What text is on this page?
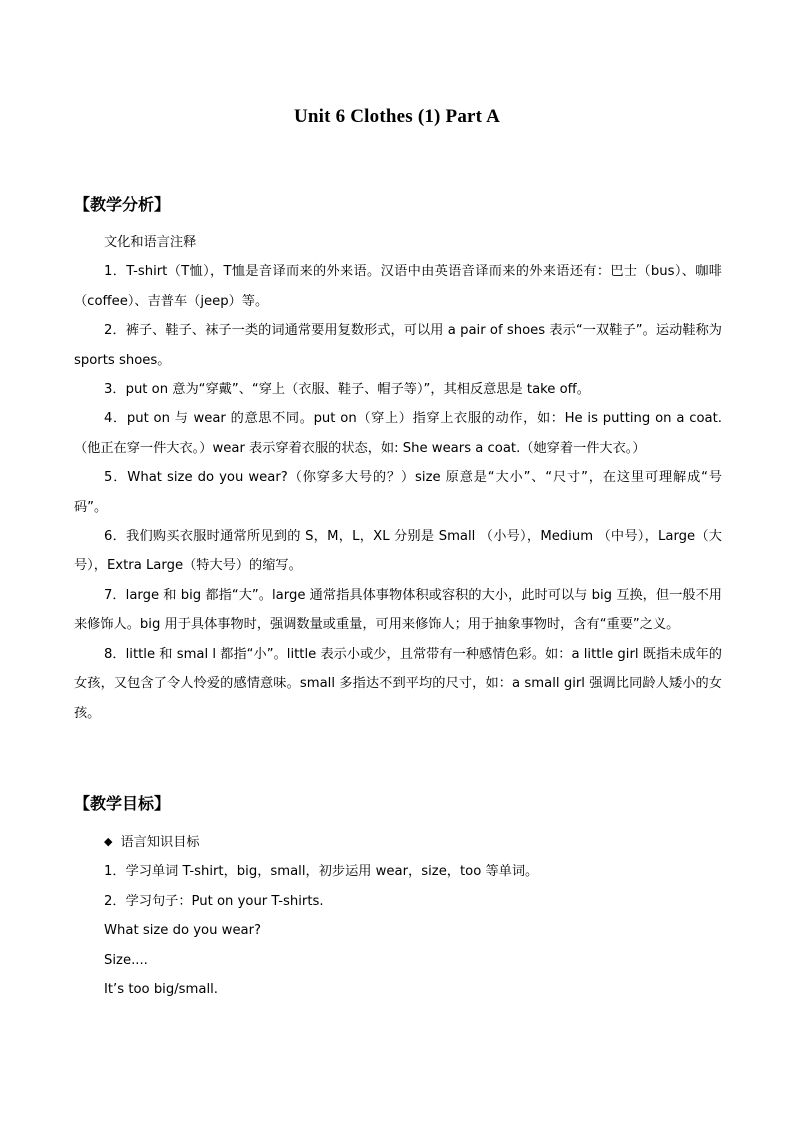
Unit 6 Clothes (1) Part A
【教学分析】

文化和语言注释

1．T-shirt（T恤），T恤是音译而来的外来语。汉语中由英语音译而来的外来语还有：巴士（bus）、咖啡（coffee）、吉普车（jeep）等。

2．裤子、鞋子、袜子一类的词通常要用复数形式，可以用 a pair of shoes 表示“一双鞋子”。运动鞋称为 sports shoes。

3．put on 意为“穿戴”、“穿上（衣服、鞋子、帽子等）”，其相反意思是 take off。

4．put on 与 wear 的意思不同。put on（穿上）指穿上衣服的动作，如：He is putting on a coat.（他正在穿一件大衣。）wear 表示穿着衣服的状态，如: She wears a coat.（她穿着一件大衣。）

5．What size do you wear?（你穿多大号的？）size 原意是“大小”、“尺寸”，在这里可理解成“号码”。

6．我们购买衣服时通常所见到的 S，M，L，XL 分别是 Small （小号），Medium （中号），Large（大号），Extra Large（特大号）的缩写。

7．large 和 big 都指“大”。large 通常指具体事物体积或容积的大小，此时可以与 big 互换，但一般不用来修饰人。big 用于具体事物时，强调数量或重量，可用来修饰人；用于抽象事物时，含有“重要”之义。

8．little 和 smal l 都指“小”。little 表示小或少，且常带有一种感情色彩。如：a little girl 既指未成年的女孩，又包含了令人怜爱的感情意味。small 多指达不到平均的尺寸，如：a small girl 强调比同龄人矮小的女孩。

【教学目标】

◆ 语言知识目标

1．学习单词 T-shirt，big，small，初步运用 wear，size，too 等单词。

2．学习句子：Put on your T-shirts.

What size do you wear?

Size....

It’s too big/small.
